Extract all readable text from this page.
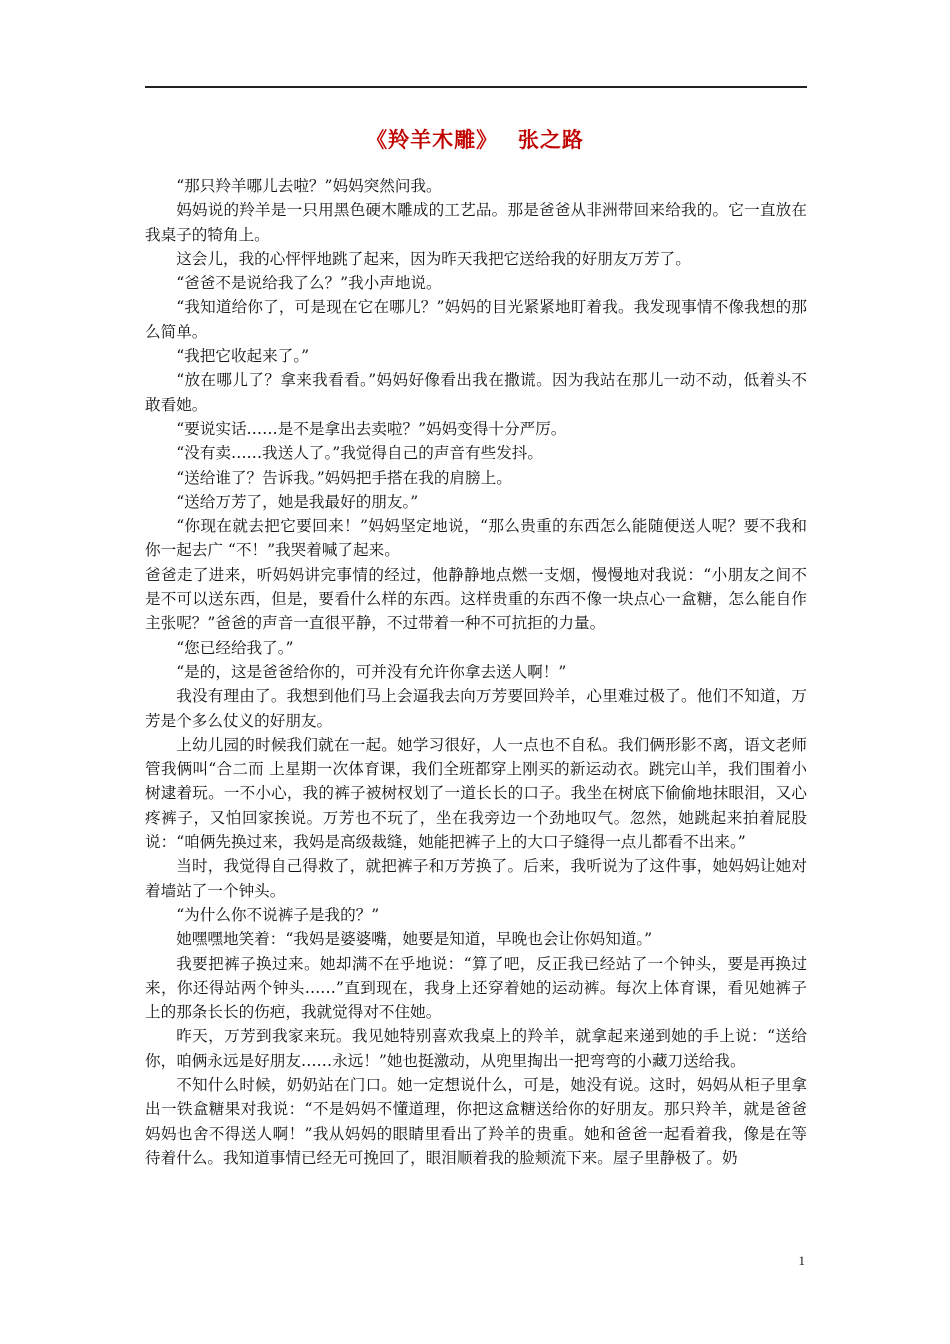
《羚羊木雕》　 张之路

“那只羚羊哪儿去啦？”妈妈突然问我。

妈妈说的羚羊是一只用黑色硬木雕成的工艺品。那是爸爸从非洲带回来给我的。它一直放在我桌子的犄角上。

这会儿，我的心怦怦地跳了起来，因为昨天我把它送给我的好朋友万芳了。

“爸爸不是说给我了么？”我小声地说。

“我知道给你了，可是现在它在哪儿？”妈妈的目光紧紧地盯着我。我发现事情不像我想的那么简单。

“我把它收起来了。”

“放在哪儿了？拿来我看看。”妈妈好像看出我在撒谎。因为我站在那儿一动不动，低着头不敢看她。

“要说实话……是不是拿出去卖啦？”妈妈变得十分严厉。

“没有卖……我送人了。”我觉得自己的声音有些发抖。

“送给谁了？告诉我。”妈妈把手搭在我的肩膀上。

“送给万芳了，她是我最好的朋友。”

“你现在就去把它要回来！”妈妈坚定地说，“那么贵重的东西怎么能随便送人呢？要不我和你一起去广 “不！”我哭着喊了起来。

爸爸走了进来，听妈妈讲完事情的经过，他静静地点燃一支烟，慢慢地对我说：“小朋友之间不是不可以送东西，但是，要看什么样的东西。这样贵重的东西不像一块点心一盒糖，怎么能自作主张呢？”爸爸的声音一直很平静，不过带着一种不可抗拒的力量。

“您已经给我了。”

“是的，这是爸爸给你的，可并没有允许你拿去送人啊！”

我没有理由了。我想到他们马上会逼我去向万芳要回羚羊，心里难过极了。他们不知道，万芳是个多么仗义的好朋友。

上幼儿园的时候我们就在一起。她学习很好，人一点也不自私。我们俩形影不离，语文老师管我俩叫“合二而 上星期一次体育课，我们全班都穿上刚买的新运动衣。跳完山羊，我们围着小树逮着玩。一不小心，我的裤子被树杈划了一道长长的口子。我坐在树底下偷偷地抹眼泪，又心疼裤子，又怕回家挨说。万芳也不玩了，坐在我旁边一个劲地叹气。忽然，她跳起来拍着屁股说：“咱俩先换过来，我妈是高级裁缝，她能把裤子上的大口子缝得一点儿都看不出来。”

当时，我觉得自己得救了，就把裤子和万芳换了。后来，我听说为了这件事，她妈妈让她对着墙站了一个钟头。

“为什么你不说裤子是我的？”

她嘿嘿地笑着：“我妈是婆婆嘴，她要是知道，早晚也会让你妈知道。”

我要把裤子换过来。她却满不在乎地说：“算了吧，反正我已经站了一个钟头，要是再换过来，你还得站两个钟头……”直到现在，我身上还穿着她的运动裤。每次上体育课，看见她裤子上的那条长长的伤疤，我就觉得对不住她。

昨天，万芳到我家来玩。我见她特别喜欢我桌上的羚羊，就拿起来递到她的手上说：“送给你，咱俩永远是好朋友……永远！”她也挺激动，从兜里掏出一把弯弯的小藏刀送给我。

不知什么时候，奶奶站在门口。她一定想说什么，可是，她没有说。这时，妈妈从柜子里拿出一铁盒糖果对我说：“不是妈妈不懂道理，你把这盒糖送给你的好朋友。那只羚羊，就是爸爸妈妈也舍不得送人啊！”我从妈妈的眼睛里看出了羚羊的贵重。她和爸爸一起看着我，像是在等待着什么。我知道事情已经无可挽回了，眼泪顺着我的脸颊流下来。屋子里静极了。奶

1
